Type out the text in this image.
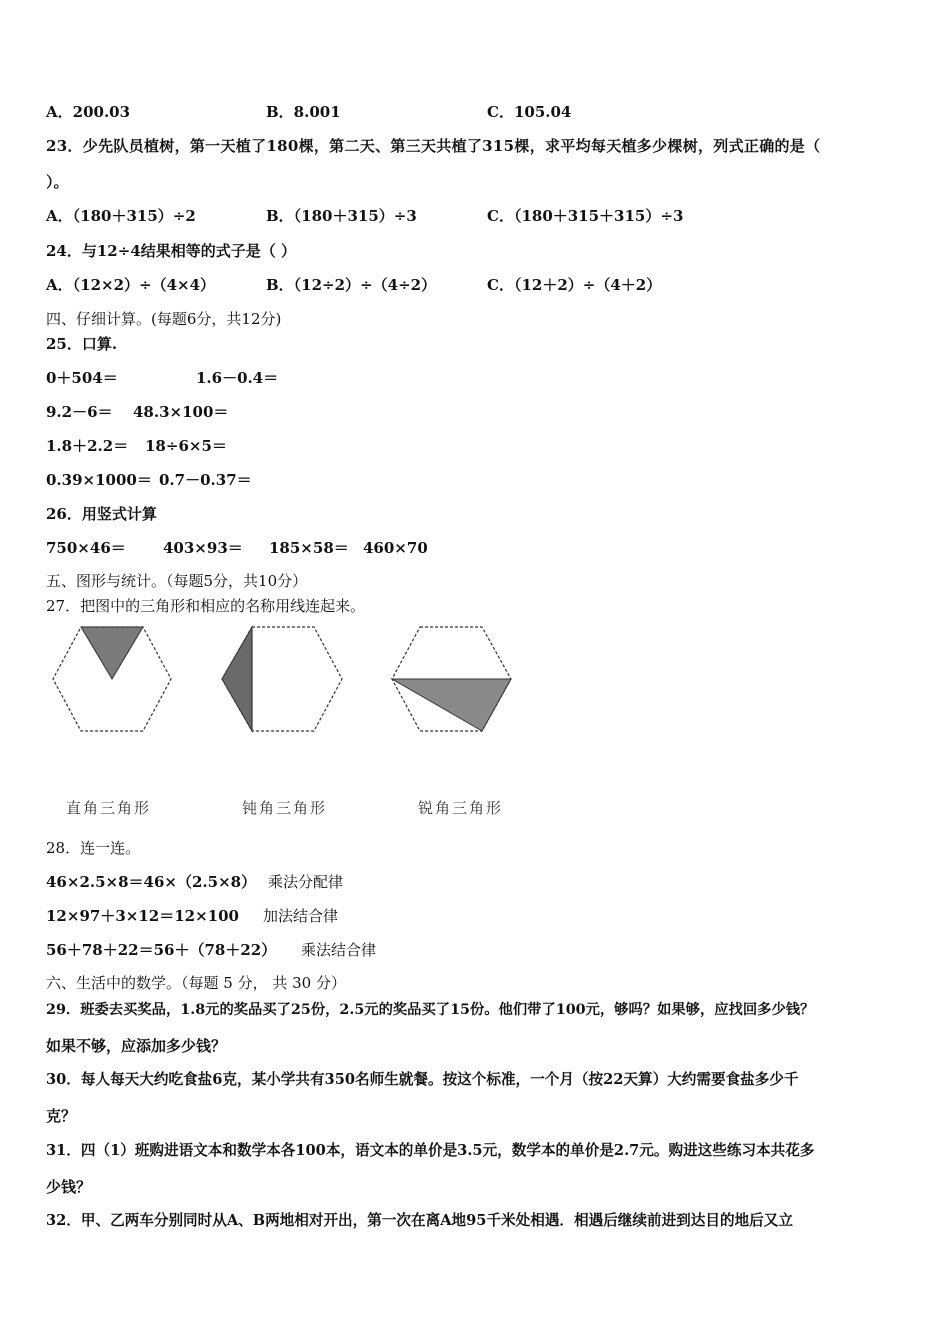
A．200.03	B．8.001	C．105.04
23．少先队员植树，第一天植了180棵，第二天、第三天共植了315棵，求平均每天植多少棵树，列式正确的是（
）。
A．（180＋315）÷2	B．（180＋315）÷3	C．（180＋315＋315）÷3
24．与12÷4结果相等的式子是（ ）
A．（12×2）÷（4×4）	B．（12÷2）÷（4÷2）	C．（12＋2）÷（4＋2）
四、仔细计算。(每题6分，共12分)
25．口算.
0＋504＝	1.6－0.4＝
9.2－6＝ 48.3×100＝
1.8＋2.2＝ 18÷6×5＝
0.39×1000＝ 0.7－0.37＝
26．用竖式计算
750×46＝ 403×93＝ 185×58＝ 460×70
五、图形与统计。（每题5分，共10分）
27．把图中的三角形和相应的名称用线连起来。
直角三角形	钝角三角形	锐角三角形
28．连一连。
46×2.5×8＝46×（2.5×8） 乘法分配律
12×97＋3×12＝12×100 加法结合律
56＋78＋22＝56＋（78＋22） 乘法结合律
六、生活中的数学。（每题 5 分， 共 30 分）
29．班委去买奖品，1.8元的奖品买了25份，2.5元的奖品买了15份。他们带了100元，够吗？如果够，应找回多少钱？
如果不够，应添加多少钱？
30．每人每天大约吃食盐6克，某小学共有350名师生就餐。按这个标准，一个月（按22天算）大约需要食盐多少千
克？
31．四（1）班购进语文本和数学本各100本，语文本的单价是3.5元，数学本的单价是2.7元。购进这些练习本共花多
少钱？
32．甲、乙两车分别同时从A、B两地相对开出，第一次在离A地95千米处相遇．相遇后继续前进到达目的地后又立
